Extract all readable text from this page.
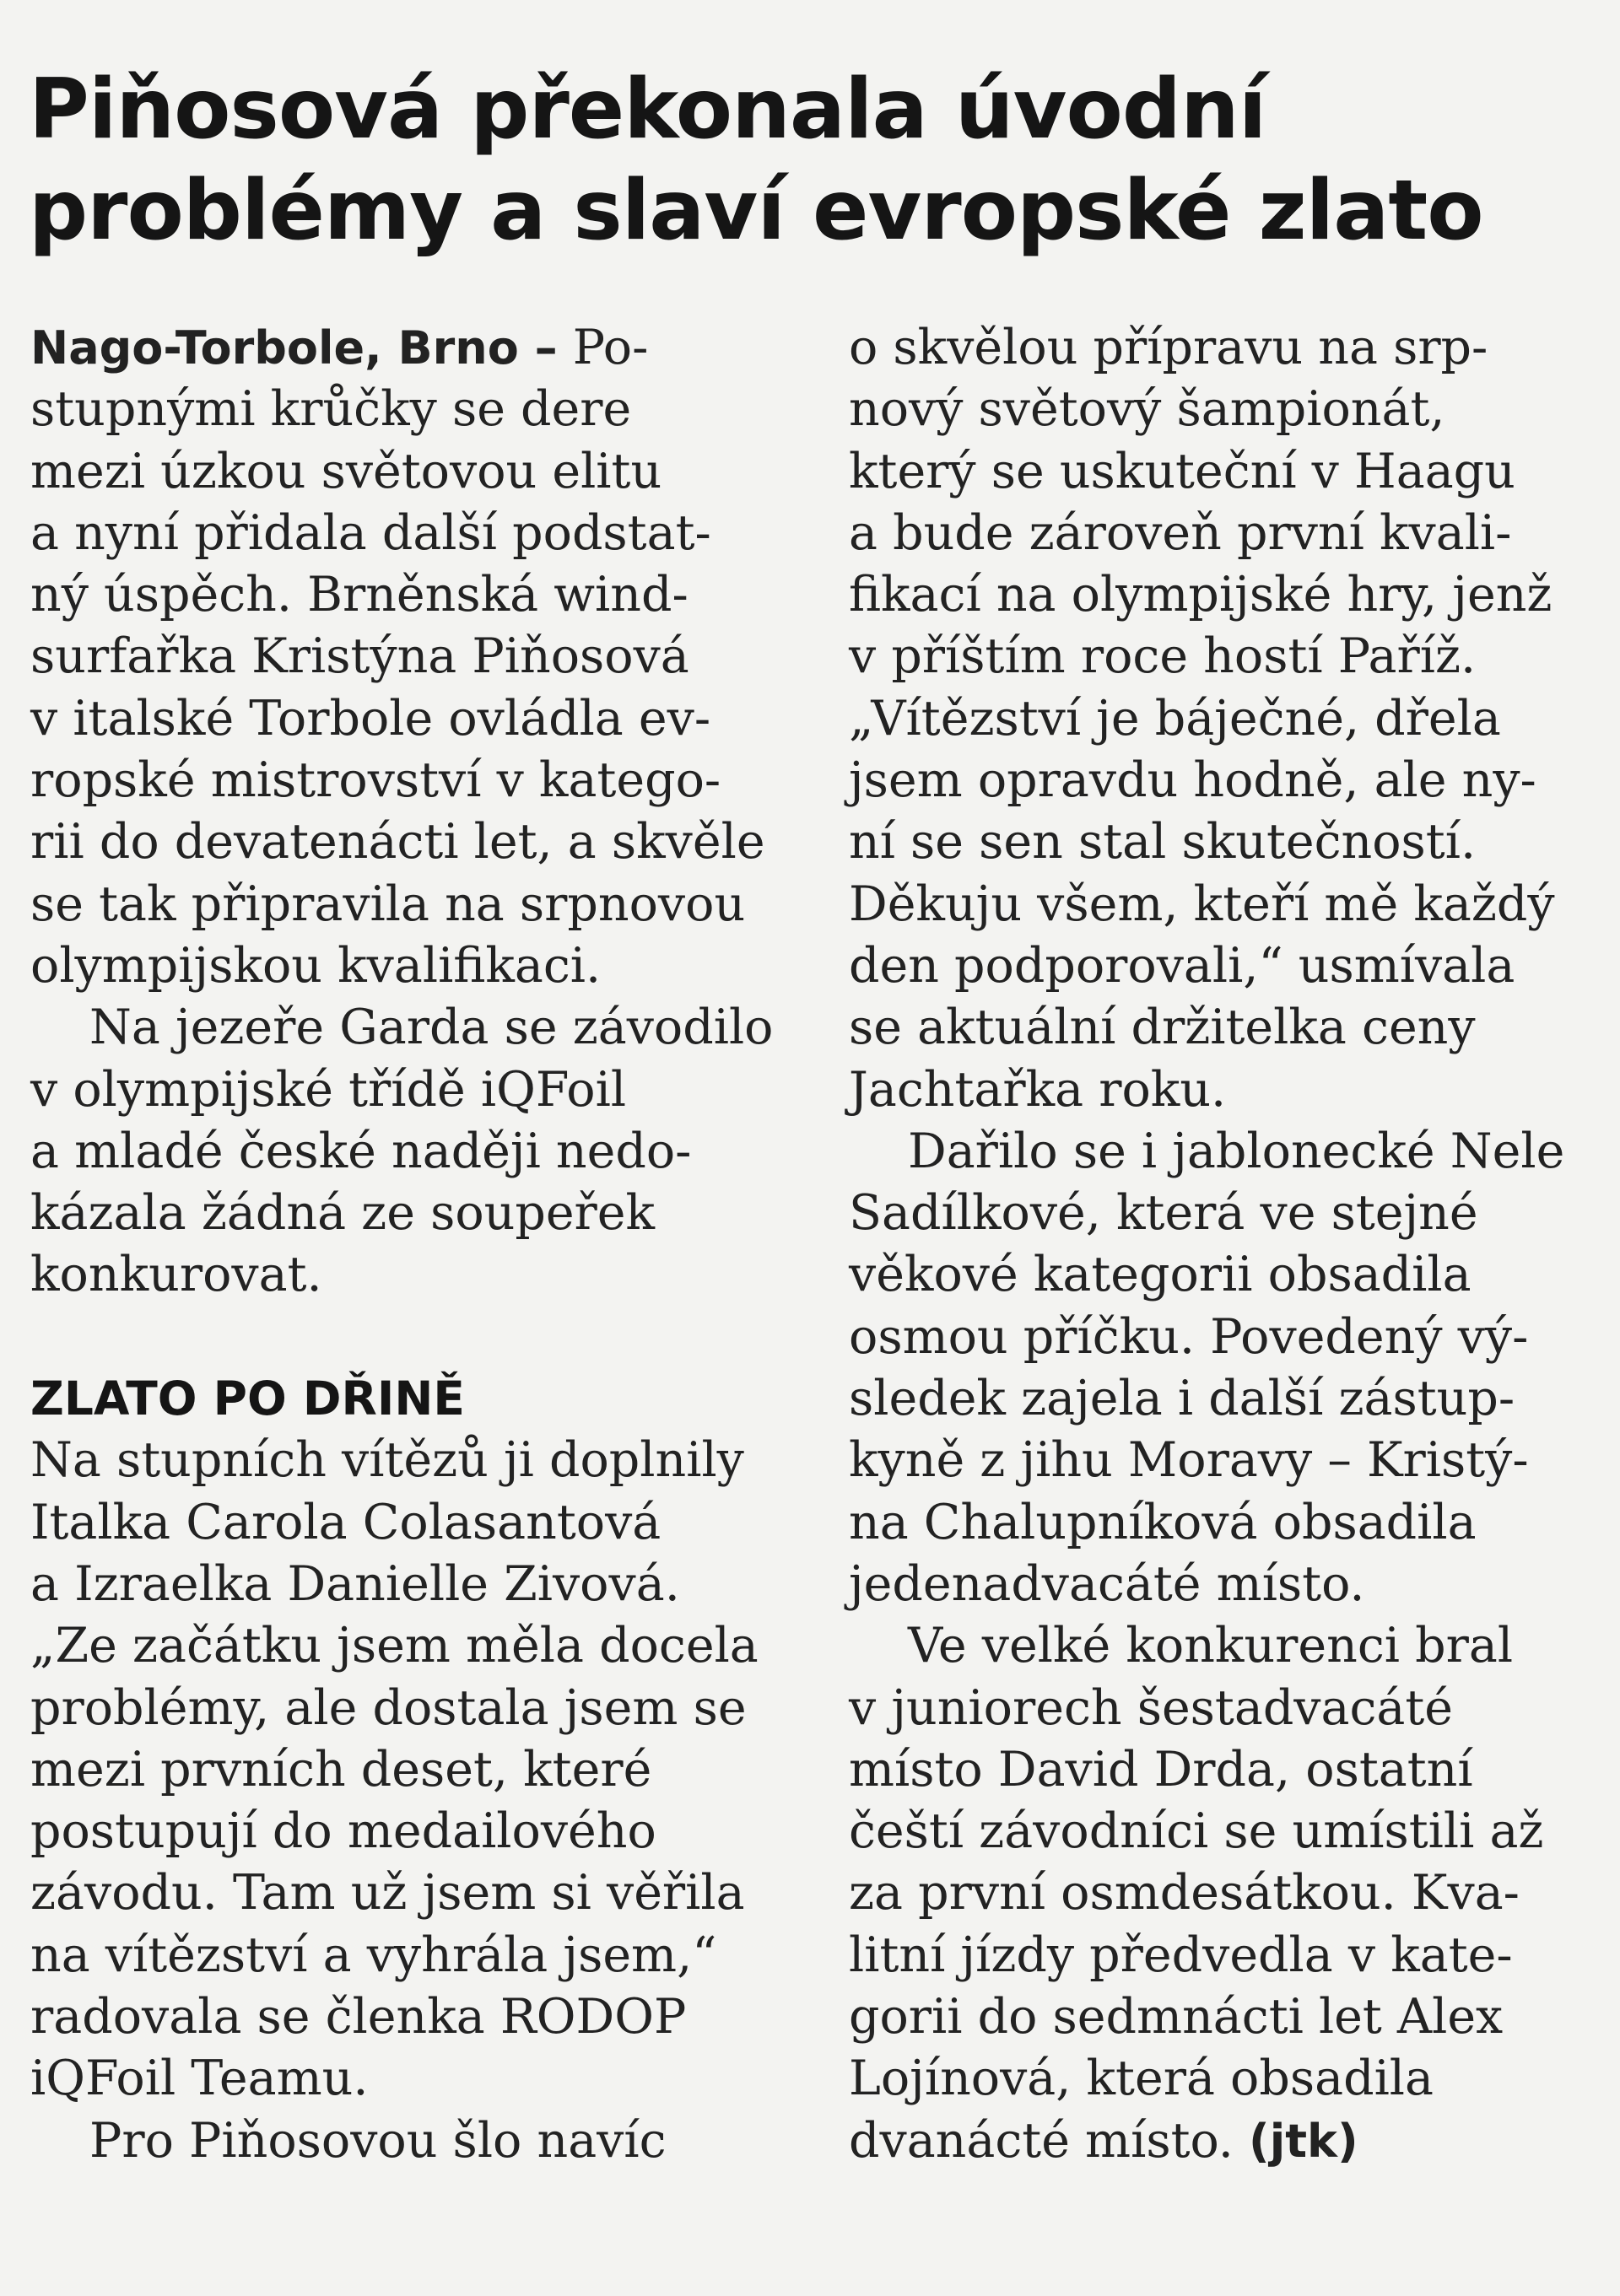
Piňosová překonala úvodní
problémy a slaví evropské zlato
Nago-Torbole, Brno – Po-
stupnými krůčky se dere
mezi úzkou světovou elitu
a nyní přidala další podstat-
ný úspěch. Brněnská wind-
surfařka Kristýna Piňosová
v italské Torbole ovládla ev-
ropské mistrovství v katego-
rii do devatenácti let, a skvěle
se tak připravila na srpnovou
olympijskou kvalifikaci.
Na jezeře Garda se závodilo
v olympijské třídě iQFoil
a mladé české naději nedo-
kázala žádná ze soupeřek
konkurovat.
ZLATO PO DŘINĚ
Na stupních vítězů ji doplnily
Italka Carola Colasantová
a Izraelka Danielle Zivová.
„Ze začátku jsem měla docela
problémy, ale dostala jsem se
mezi prvních deset, které
postupují do medailového
závodu. Tam už jsem si věřila
na vítězství a vyhrála jsem,“
radovala se členka RODOP
iQFoil Teamu.
Pro Piňosovou šlo navíc
o skvělou přípravu na srp-
nový světový šampionát,
který se uskuteční v Haagu
a bude zároveň první kvali-
fikací na olympijské hry, jenž
v příštím roce hostí Paříž.
„Vítězství je báječné, dřela
jsem opravdu hodně, ale ny-
ní se sen stal skutečností.
Děkuju všem, kteří mě každý
den podporovali,“ usmívala
se aktuální držitelka ceny
Jachtařka roku.
Dařilo se i jablonecké Nele
Sadílkové, která ve stejné
věkové kategorii obsadila
osmou příčku. Povedený vý-
sledek zajela i další zástup-
kyně z jihu Moravy – Kristý-
na Chalupníková obsadila
jedenadvacáté místo.
Ve velké konkurenci bral
v juniorech šestadvacáté
místo David Drda, ostatní
čeští závodníci se umístili až
za první osmdesátkou. Kva-
litní jízdy předvedla v kate-
gorii do sedmnácti let Alex
Lojínová, která obsadila
dvanácté místo. (jtk)
